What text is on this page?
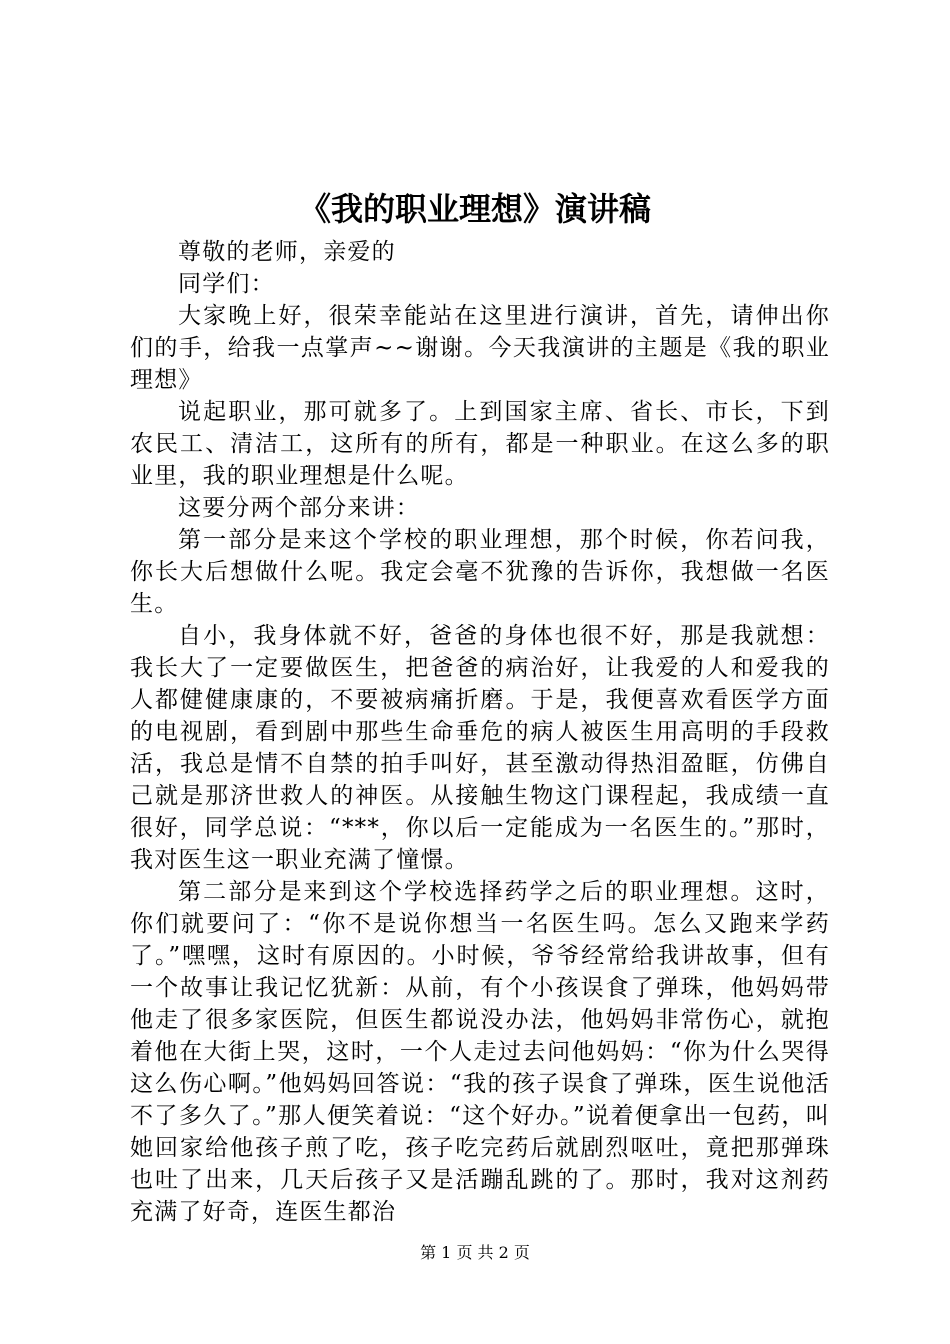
《我的职业理想》演讲稿

尊敬的老师，亲爱的

同学们：

大家晚上好，很荣幸能站在这里进行演讲，首先，请伸出你们的手，给我一点掌声~~谢谢。今天我演讲的主题是《我的职业理想》

说起职业，那可就多了。上到国家主席、省长、市长，下到农民工、清洁工，这所有的所有，都是一种职业。在这么多的职业里，我的职业理想是什么呢。

这要分两个部分来讲：

第一部分是来这个学校的职业理想，那个时候，你若问我，你长大后想做什么呢。我定会毫不犹豫的告诉你，我想做一名医生。

自小，我身体就不好，爸爸的身体也很不好，那是我就想：我长大了一定要做医生，把爸爸的病治好，让我爱的人和爱我的人都健健康康的，不要被病痛折磨。于是，我便喜欢看医学方面的电视剧，看到剧中那些生命垂危的病人被医生用高明的手段救活，我总是情不自禁的拍手叫好，甚至激动得热泪盈眶，仿佛自己就是那济世救人的神医。从接触生物这门课程起，我成绩一直很好，同学总说：“***，你以后一定能成为一名医生的。”那时，我对医生这一职业充满了憧憬。

第二部分是来到这个学校选择药学之后的职业理想。这时，你们就要问了：“你不是说你想当一名医生吗。怎么又跑来学药了。”嘿嘿，这时有原因的。小时候，爷爷经常给我讲故事，但有一个故事让我记忆犹新：从前，有个小孩误食了弹珠，他妈妈带他走了很多家医院，但医生都说没办法，他妈妈非常伤心，就抱着他在大街上哭，这时，一个人走过去问他妈妈：“你为什么哭得这么伤心啊。”他妈妈回答说：“我的孩子误食了弹珠，医生说他活不了多久了。”那人便笑着说：“这个好办。”说着便拿出一包药，叫她回家给他孩子煎了吃，孩子吃完药后就剧烈呕吐，竟把那弹珠也吐了出来，几天后孩子又是活蹦乱跳的了。那时，我对这剂药充满了好奇，连医生都治

第 1 页 共 2 页
